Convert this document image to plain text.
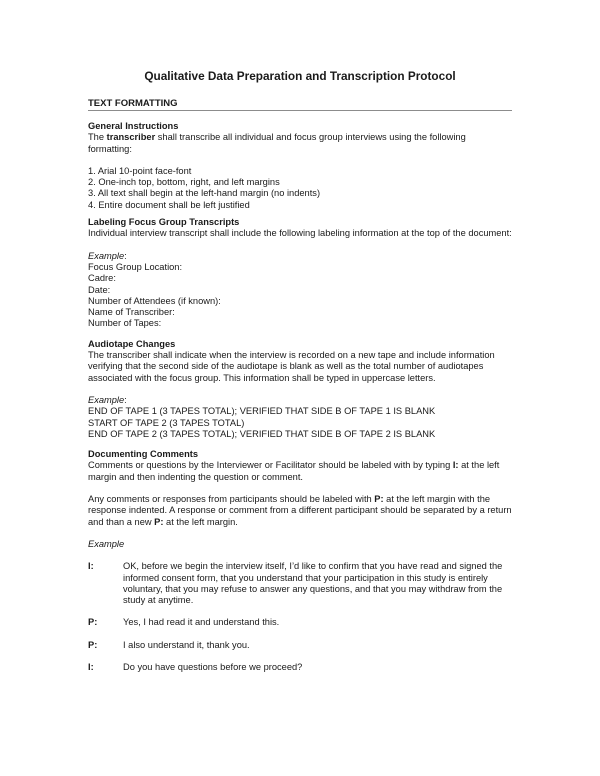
Qualitative Data Preparation and Transcription Protocol
TEXT FORMATTING

General Instructions

The transcriber shall transcribe all individual and focus group interviews using the following formatting:

1. Arial 10-point face-font
2. One-inch top, bottom, right, and left margins
3. All text shall begin at the left-hand margin (no indents)
4. Entire document shall be left justified

Labeling Focus Group Transcripts

Individual interview transcript shall include the following labeling information at the top of the document:

Example:

Focus Group Location:

Cadre:

Date:

Number of Attendees (if known):

Name of Transcriber:

Number of Tapes:

Audiotape Changes

The transcriber shall indicate when the interview is recorded on a new tape and include information verifying that the second side of the audiotape is blank as well as the total number of audiotapes associated with the focus group. This information shall be typed in uppercase letters.

Example:

END OF TAPE 1 (3 TAPES TOTAL); VERIFIED THAT SIDE B OF TAPE 1 IS BLANK

START OF TAPE 2 (3 TAPES TOTAL)

END OF TAPE 2 (3 TAPES TOTAL); VERIFIED THAT SIDE B OF TAPE 2 IS BLANK

Documenting Comments

Comments or questions by the Interviewer or Facilitator should be labeled with by typing I: at the left margin and then indenting the question or comment.

Any comments or responses from participants should be labeled with P: at the left margin with the response indented. A response or comment from a different participant should be separated by a return and than a new P: at the left margin.

Example

I:	OK, before we begin the interview itself, I’d like to confirm that you have read and signed the informed consent form, that you understand that your participation in this study is entirely voluntary, that you may refuse to answer any questions, and that you may withdraw from the study at anytime.

P:	Yes, I had read it and understand this.

P:	I also understand it, thank you.

I:	Do you have questions before we proceed?
